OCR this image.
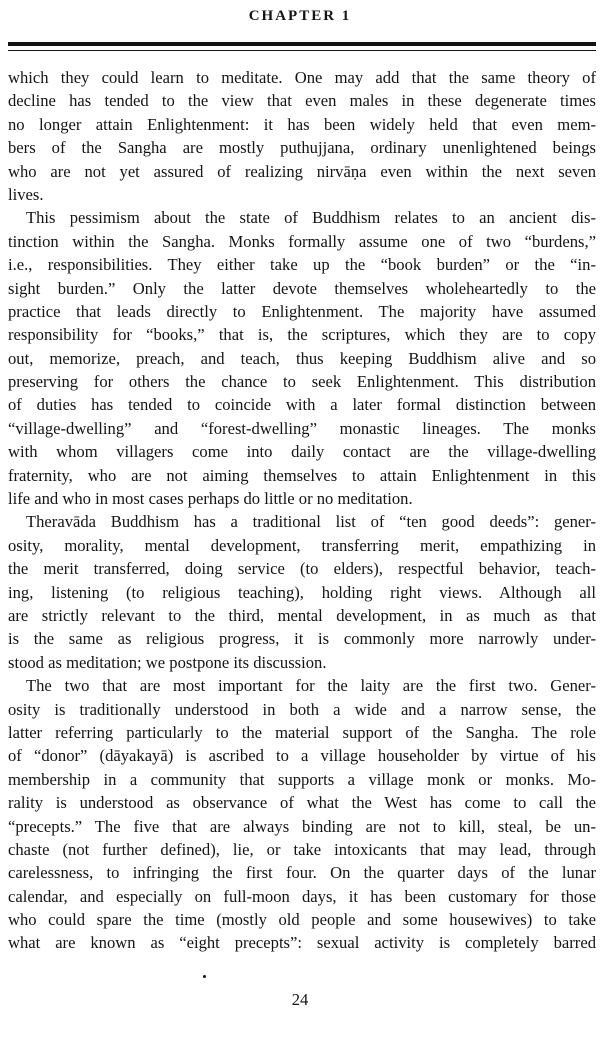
CHAPTER 1

which they could learn to meditate. One may add that the same theory of
decline has tended to the view that even males in these degenerate times
no longer attain Enlightenment: it has been widely held that even mem-
bers of the Sangha are mostly puthujjana, ordinary unenlightened beings
who are not yet assured of realizing nirvāṇa even within the next seven
lives.

This pessimism about the state of Buddhism relates to an ancient dis-
tinction within the Sangha. Monks formally assume one of two “burdens,”
i.e., responsibilities. They either take up the “book burden” or the “in-
sight burden.” Only the latter devote themselves wholeheartedly to the
practice that leads directly to Enlightenment. The majority have assumed
responsibility for “books,” that is, the scriptures, which they are to copy
out, memorize, preach, and teach, thus keeping Buddhism alive and so
preserving for others the chance to seek Enlightenment. This distribution
of duties has tended to coincide with a later formal distinction between
“village-dwelling” and “forest-dwelling” monastic lineages. The monks
with whom villagers come into daily contact are the village-dwelling
fraternity, who are not aiming themselves to attain Enlightenment in this
life and who in most cases perhaps do little or no meditation.

Theravāda Buddhism has a traditional list of “ten good deeds”: gener-
osity, morality, mental development, transferring merit, empathizing in
the merit transferred, doing service (to elders), respectful behavior, teach-
ing, listening (to religious teaching), holding right views. Although all
are strictly relevant to the third, mental development, in as much as that
is the same as religious progress, it is commonly more narrowly under-
stood as meditation; we postpone its discussion.

The two that are most important for the laity are the first two. Gener-
osity is traditionally understood in both a wide and a narrow sense, the
latter referring particularly to the material support of the Sangha. The role
of “donor” (dāyakayā) is ascribed to a village householder by virtue of his
membership in a community that supports a village monk or monks. Mo-
rality is understood as observance of what the West has come to call the
“precepts.” The five that are always binding are not to kill, steal, be un-
chaste (not further defined), lie, or take intoxicants that may lead, through
carelessness, to infringing the first four. On the quarter days of the lunar
calendar, and especially on full-moon days, it has been customary for those
who could spare the time (mostly old people and some housewives) to take
what are known as “eight precepts”: sexual activity is completely barred

24
